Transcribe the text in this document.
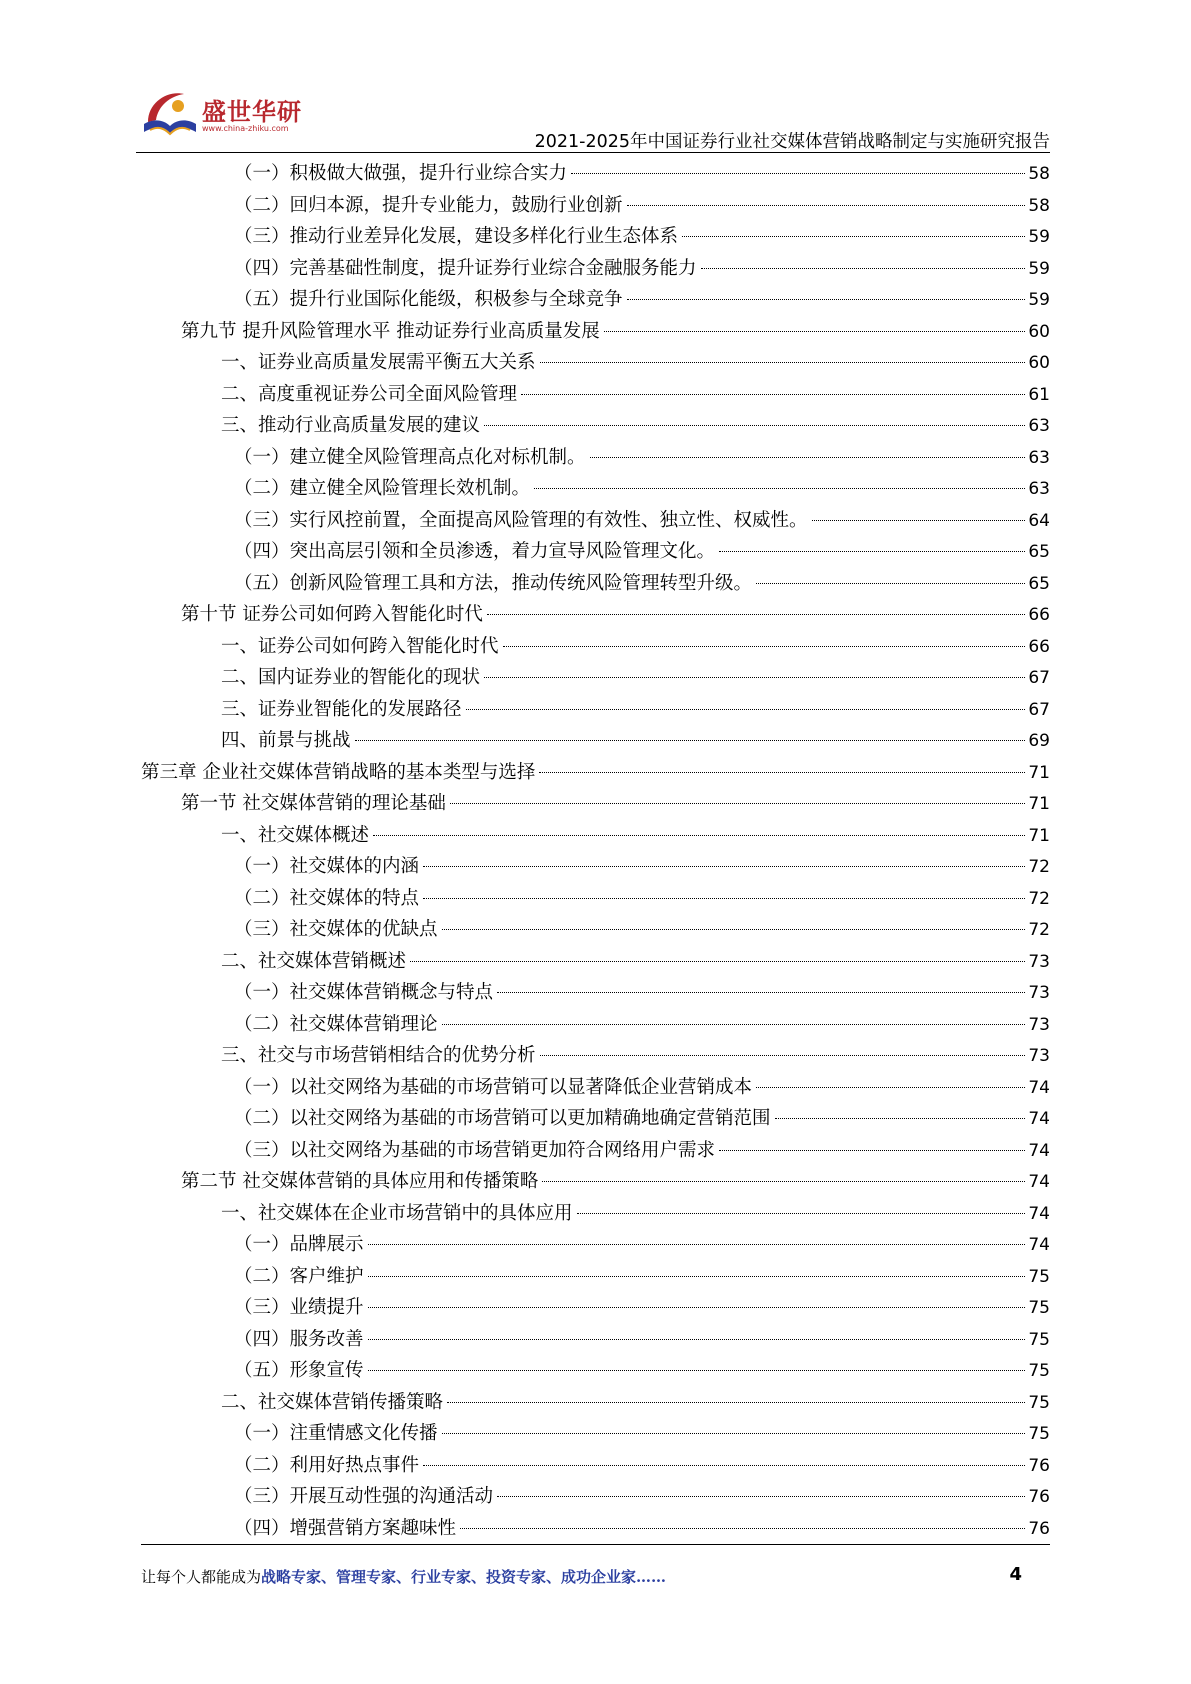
盛世华研
www.china-zhiku.com
2021-2025年中国证券行业社交媒体营销战略制定与实施研究报告
（一）积极做大做强，提升行业综合实力	58
（二）回归本源，提升专业能力，鼓励行业创新	58
（三）推动行业差异化发展，建设多样化行业生态体系	59
（四）完善基础性制度，提升证券行业综合金融服务能力	59
（五）提升行业国际化能级，积极参与全球竞争	59
第九节 提升风险管理水平 推动证券行业高质量发展	60
一、证券业高质量发展需平衡五大关系	60
二、高度重视证券公司全面风险管理	61
三、推动行业高质量发展的建议	63
（一）建立健全风险管理高点化对标机制。	63
（二）建立健全风险管理长效机制。	63
（三）实行风控前置，全面提高风险管理的有效性、独立性、权威性。	64
（四）突出高层引领和全员渗透，着力宣导风险管理文化。	65
（五）创新风险管理工具和方法，推动传统风险管理转型升级。	65
第十节 证券公司如何跨入智能化时代	66
一、证券公司如何跨入智能化时代	66
二、国内证券业的智能化的现状	67
三、证券业智能化的发展路径	67
四、前景与挑战	69
第三章 企业社交媒体营销战略的基本类型与选择	71
第一节 社交媒体营销的理论基础	71
一、社交媒体概述	71
（一）社交媒体的内涵	72
（二）社交媒体的特点	72
（三）社交媒体的优缺点	72
二、社交媒体营销概述	73
（一）社交媒体营销概念与特点	73
（二）社交媒体营销理论	73
三、社交与市场营销相结合的优势分析	73
（一）以社交网络为基础的市场营销可以显著降低企业营销成本	74
（二）以社交网络为基础的市场营销可以更加精确地确定营销范围	74
（三）以社交网络为基础的市场营销更加符合网络用户需求	74
第二节 社交媒体营销的具体应用和传播策略	74
一、社交媒体在企业市场营销中的具体应用	74
（一）品牌展示	74
（二）客户维护	75
（三）业绩提升	75
（四）服务改善	75
（五）形象宣传	75
二、社交媒体营销传播策略	75
（一）注重情感文化传播	75
（二）利用好热点事件	76
（三）开展互动性强的沟通活动	76
（四）增强营销方案趣味性	76
让每个人都能成为战略专家、管理专家、行业专家、投资专家、成功企业家……	4
